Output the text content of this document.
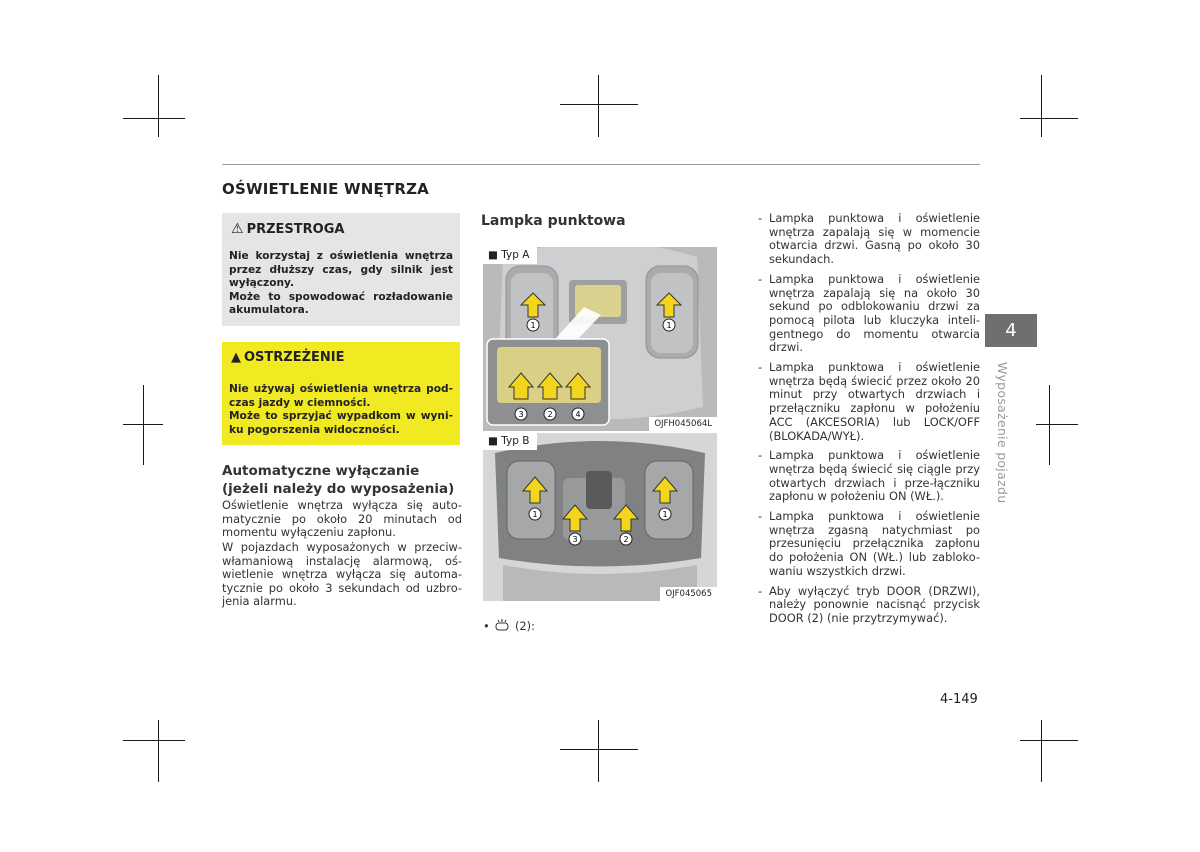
OŚWIETLENIE WNĘTRZA
⚠ PRZESTROGA
Nie korzystaj z oświetlenia wnętrza
przez dłuższy czas, gdy silnik jest
wyłączony.
Może to spowodować rozładowanie
akumulatora.
▲ OSTRZEŻENIE
Nie używaj oświetlenia wnętrza pod-
czas jazdy w ciemności.
Może to sprzyjać wypadkom w wyni-
ku pogorszenia widoczności.
Automatyczne wyłączanie
(jeżeli należy do wyposażenia)
Oświetlenie wnętrza wyłącza się auto-matycznie po około 20 minutach od momentu wyłączeniu zapłonu.
W pojazdach wyposażonych w przeciw-włamaniową instalację alarmową, oś-wietlenie wnętrza wyłącza się automa-tycznie po około 3 sekundach od uzbro-jenia alarmu.
Lampka punktowa
1	1
3	2	4
■ Typ A
OJFH045064L
1	1
3	2
■ Typ B
OJF045065
• (2):
- Lampka punktowa i oświetlenie wnętrza zapalają się w momencie otwarcia drzwi. Gasną po około 30 sekundach.
- Lampka punktowa i oświetlenie wnętrza zapalają się na około 30 sekund po odblokowaniu drzwi za pomocą pilota lub kluczyka inteli-gentnego do momentu otwarcia drzwi.
- Lampka punktowa i oświetlenie wnętrza będą świecić przez około 20 minut przy otwartych drzwiach i przełączniku zapłonu w położeniu ACC (AKCESORIA) lub LOCK/OFF (BLOKADA/WYŁ).
- Lampka punktowa i oświetlenie wnętrza będą świecić się ciągle przy otwartych drzwiach i prze-łączniku zapłonu w położeniu ON (WŁ.).
- Lampka punktowa i oświetlenie wnętrza zgasną natychmiast po przesunięciu przełącznika zapłonu do położenia ON (WŁ.) lub zabloko-waniu wszystkich drzwi.
- Aby wyłączyć tryb DOOR (DRZWI), należy ponownie nacisnąć przycisk DOOR (2) (nie przytrzymywać).
4
Wyposażenie pojazdu
4-149
